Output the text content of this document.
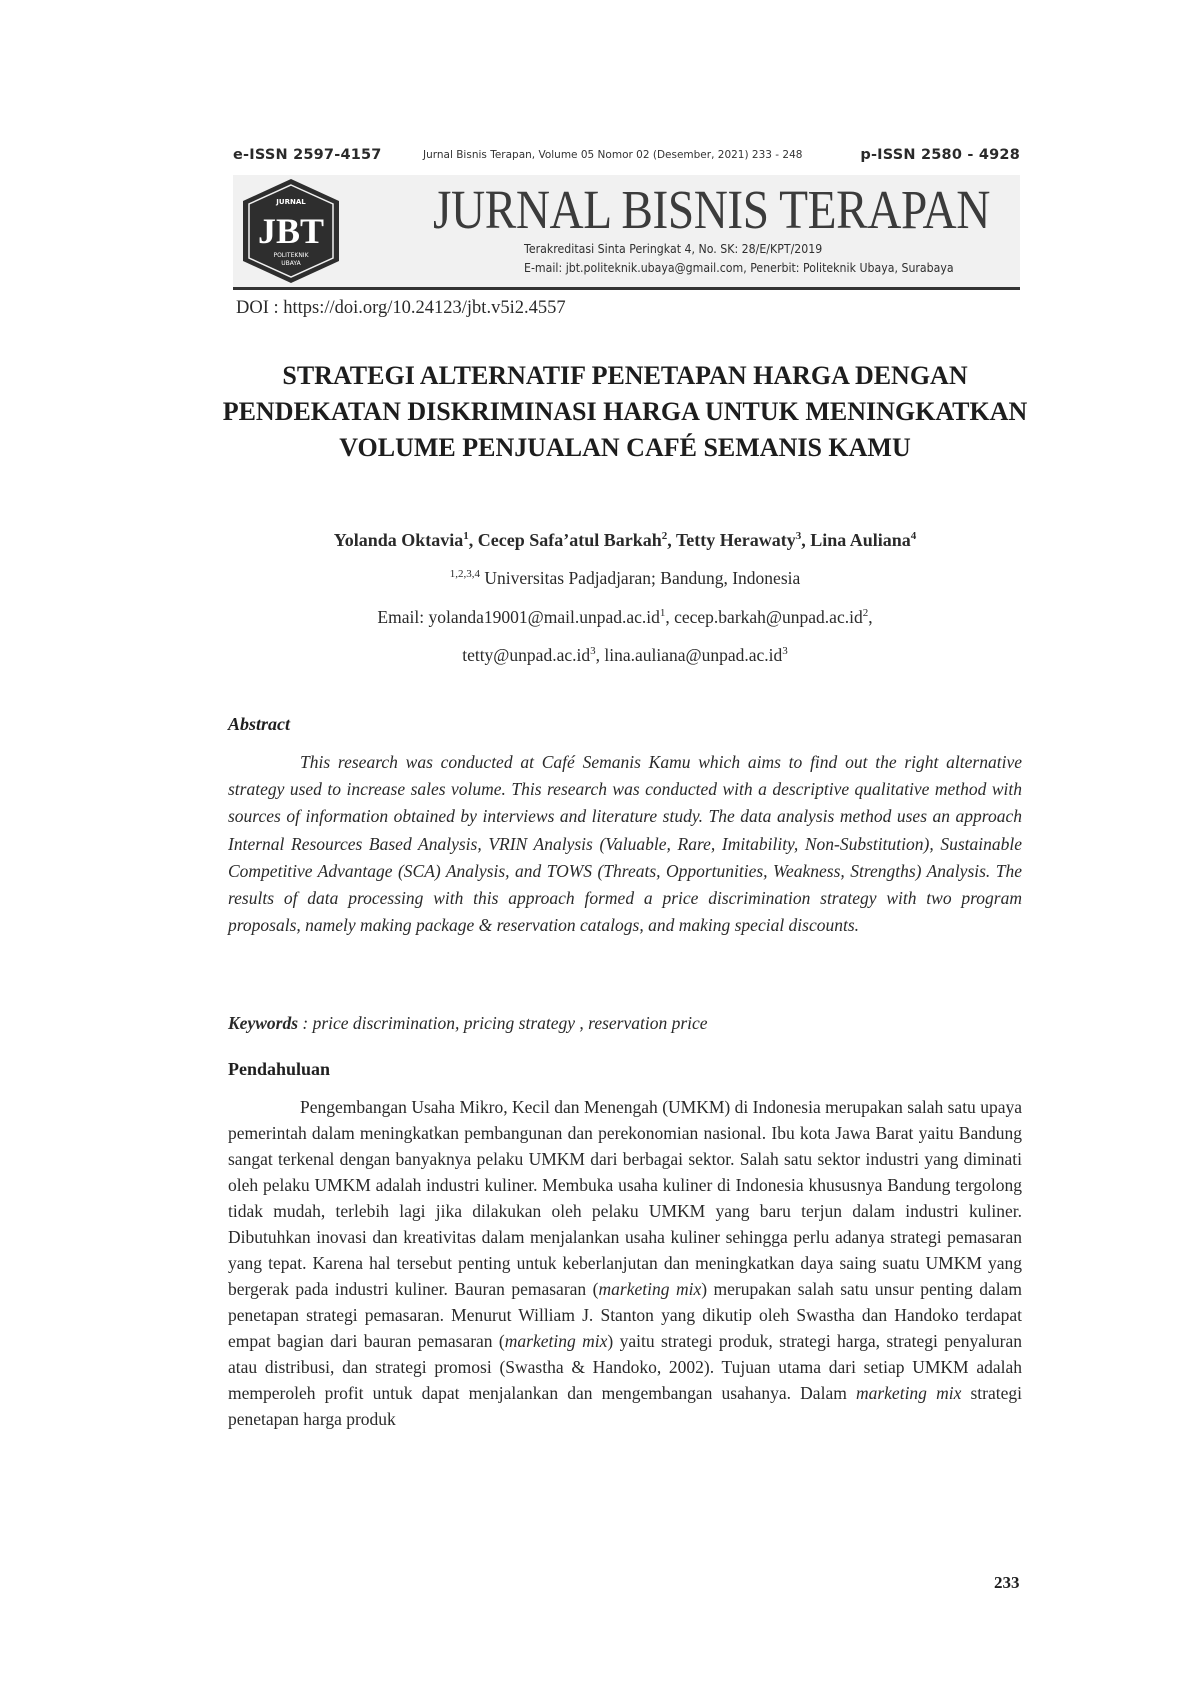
e-ISSN 2597-4157	Jurnal Bisnis Terapan, Volume 05 Nomor 02 (Desember, 2021) 233 - 248	p-ISSN 2580 - 4928
JURNAL
JBT
POLITEKNIK
UBAYA
JURNAL BISNIS TERAPAN
Terakreditasi Sinta Peringkat 4, No. SK: 28/E/KPT/2019
E-mail: jbt.politeknik.ubaya@gmail.com, Penerbit: Politeknik Ubaya, Surabaya
DOI : https://doi.org/10.24123/jbt.v5i2.4557
STRATEGI ALTERNATIF PENETAPAN HARGA DENGAN PENDEKATAN DISKRIMINASI HARGA UNTUK MENINGKATKAN VOLUME PENJUALAN CAFÉ SEMANIS KAMU
Yolanda Oktavia$^1$, Cecep Safa’atul Barkah$^2$, Tetty Herawaty$^3$, Lina Auliana$^4$
$^{1,2,3,4}$ Universitas Padjadjaran; Bandung, Indonesia
Email: $yolanda19001@mail.unpad.ac.id^1$, $cecep.barkah@unpad.ac.id^2$,
$tetty@unpad.ac.id^3$, $lina.auliana@unpad.ac.id^3$
Abstract

This research was conducted at Café Semanis Kamu which aims to find out the right alternative strategy used to increase sales volume. This research was conducted with a descriptive qualitative method with sources of information obtained by interviews and literature study. The data analysis method uses an approach Internal Resources Based Analysis, VRIN Analysis (Valuable, Rare, Imitability, Non-Substitution), Sustainable Competitive Advantage (SCA) Analysis, and TOWS (Threats, Opportunities, Weakness, Strengths) Analysis. The results of data processing with this approach formed a price discrimination strategy with two program proposals, namely making package & reservation catalogs, and making special discounts.

Keywords : price discrimination, pricing strategy , reservation price
Pendahuluan

Pengembangan Usaha Mikro, Kecil dan Menengah (UMKM) di Indonesia merupakan salah satu upaya pemerintah dalam meningkatkan pembangunan dan perekonomian nasional. Ibu kota Jawa Barat yaitu Bandung sangat terkenal dengan banyaknya pelaku UMKM dari berbagai sektor. Salah satu sektor industri yang diminati oleh pelaku UMKM adalah industri kuliner. Membuka usaha kuliner di Indonesia khususnya Bandung tergolong tidak mudah, terlebih lagi jika dilakukan oleh pelaku UMKM yang baru terjun dalam industri kuliner. Dibutuhkan inovasi dan kreativitas dalam menjalankan usaha kuliner sehingga perlu adanya strategi pemasaran yang tepat. Karena hal tersebut penting untuk keberlanjutan dan meningkatkan daya saing suatu UMKM yang bergerak pada industri kuliner. Bauran pemasaran (marketing mix) merupakan salah satu unsur penting dalam penetapan strategi pemasaran. Menurut William J. Stanton yang dikutip oleh Swastha dan Handoko terdapat empat bagian dari bauran pemasaran (marketing mix) yaitu strategi produk, strategi harga, strategi penyaluran atau distribusi, dan strategi promosi (Swastha & Handoko, 2002). Tujuan utama dari setiap UMKM adalah memperoleh profit untuk dapat menjalankan dan mengembangan usahanya. Dalam marketing mix strategi penetapan harga produk

233
